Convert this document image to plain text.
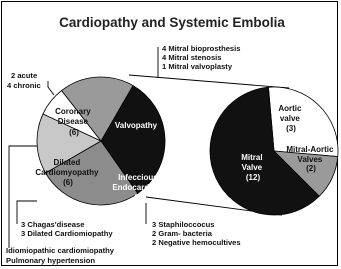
Cardiopathy and Systemic Embolia
Valvopathy
Infeccious Endocardittis (7)
Dilated Cardiomyopathy (6)
Coronary Disease (6)
Aortic valve (3)
Mitral-Aortic Valves (2)
Mitral Valve (12)
4 Mitral bioprosthesis 4 Mitral stenosis 1 Mitral valvoplasty
2 acute 4 chronic
3 Chagas'disease 3 Dilated Cardiomiopathy
3 Staphiloccocus 2 Gram- bacteria 2 Negative hemocultives
Idiomiopathic cardiomiopathy Pulmonary hypertension
